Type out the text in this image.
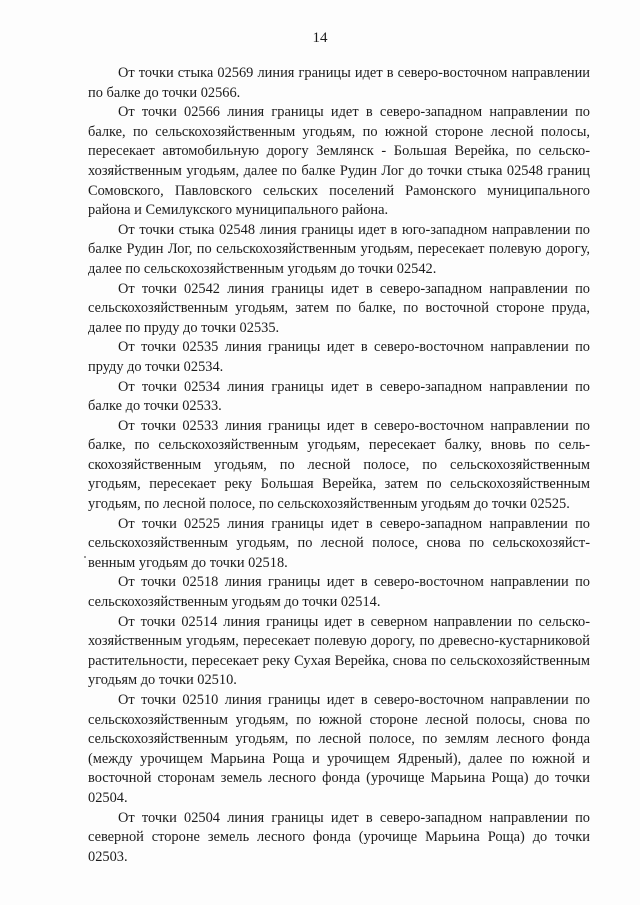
14

От точки стыка 02569 линия границы идет в северо-восточном направлении по балке до точки 02566.

От точки 02566 линия границы идет в северо-западном направлении по балке, по сельскохозяйственным угодьям, по южной стороне лесной полосы, пересекает автомобильную дорогу Землянск - Большая Верейка, по сельскохозяйственным угодьям, далее по балке Рудин Лог до точки стыка 02548 границ Сомовского, Павловского сельских поселений Рамонского муниципального района и Семилукского муниципального района.

От точки стыка 02548 линия границы идет в юго-западном направлении по балке Рудин Лог, по сельскохозяйственным угодьям, пересекает полевую дорогу, далее по сельскохозяйственным угодьям до точки 02542.

От точки 02542 линия границы идет в северо-западном направлении по сельскохозяйственным угодьям, затем по балке, по восточной стороне пруда, далее по пруду до точки 02535.

От точки 02535 линия границы идет в северо-восточном направлении по пруду до точки 02534.

От точки 02534 линия границы идет в северо-западном направлении по балке до точки 02533.

От точки 02533 линия границы идет в северо-восточном направлении по балке, по сельскохозяйственным угодьям, пересекает балку, вновь по сельскохозяйственным угодьям, по лесной полосе, по сельскохозяйственным угодьям, пересекает реку Большая Верейка, затем по сельскохозяйственным угодьям, по лесной полосе, по сельскохозяйственным угодьям до точки 02525.

От точки 02525 линия границы идет в северо-западном направлении по сельскохозяйственным угодьям, по лесной полосе, снова по сельскохозяйственным угодьям до точки 02518.

От точки 02518 линия границы идет в северо-восточном направлении по сельскохозяйственным угодьям до точки 02514.

От точки 02514 линия границы идет в северном направлении по сельскохозяйственным угодьям, пересекает полевую дорогу, по древесно-кустарниковой растительности, пересекает реку Сухая Верейка, снова по сельскохозяйственным угодьям до точки 02510.

От точки 02510 линия границы идет в северо-восточном направлении по сельскохозяйственным угодьям, по южной стороне лесной полосы, снова по сельскохозяйственным угодьям, по лесной полосе, по землям лесного фонда (между урочищем Марьина Роща и урочищем Ядреный), далее по южной и восточной сторонам земель лесного фонда (урочище Марьина Роща) до точки 02504.

От точки 02504 линия границы идет в северо-западном направлении по северной стороне земель лесного фонда (урочище Марьина Роща) до точки 02503.
